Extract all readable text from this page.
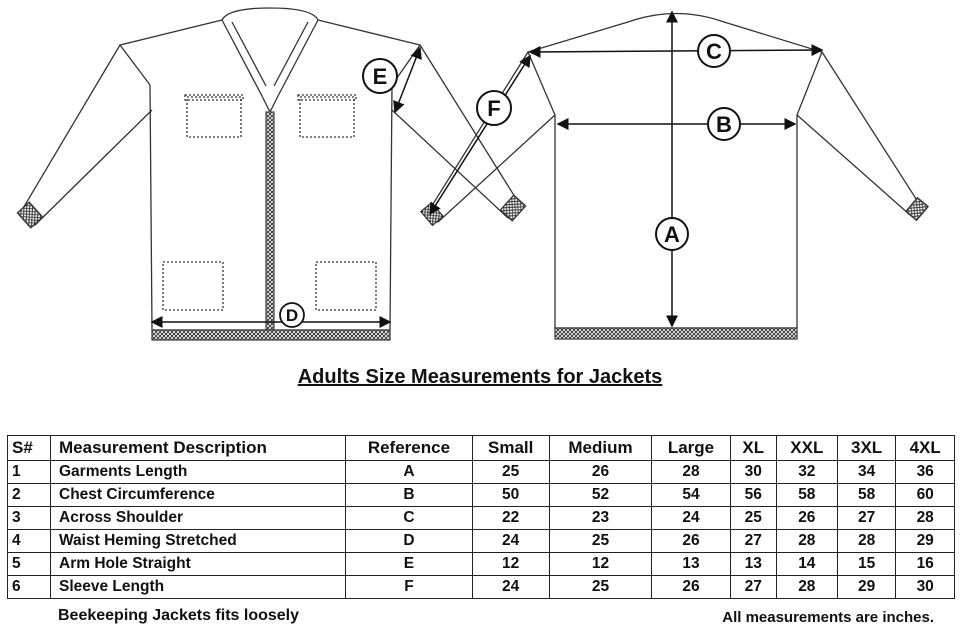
A
B
C
D
E
F
Adults Size Measurements for Jackets
S#	Measurement Description	Reference	Small	Medium	Large	XL	XXL	3XL	4XL
1	Garments Length	A	25	26	28	30	32	34	36
2	Chest Circumference	B	50	52	54	56	58	58	60
3	Across Shoulder	C	22	23	24	25	26	27	28
4	Waist Heming Stretched	D	24	25	26	27	28	28	29
5	Arm Hole Straight	E	12	12	13	13	14	15	16
6	Sleeve Length	F	24	25	26	27	28	29	30
Beekeeping Jackets fits loosely	All measurements are inches.
